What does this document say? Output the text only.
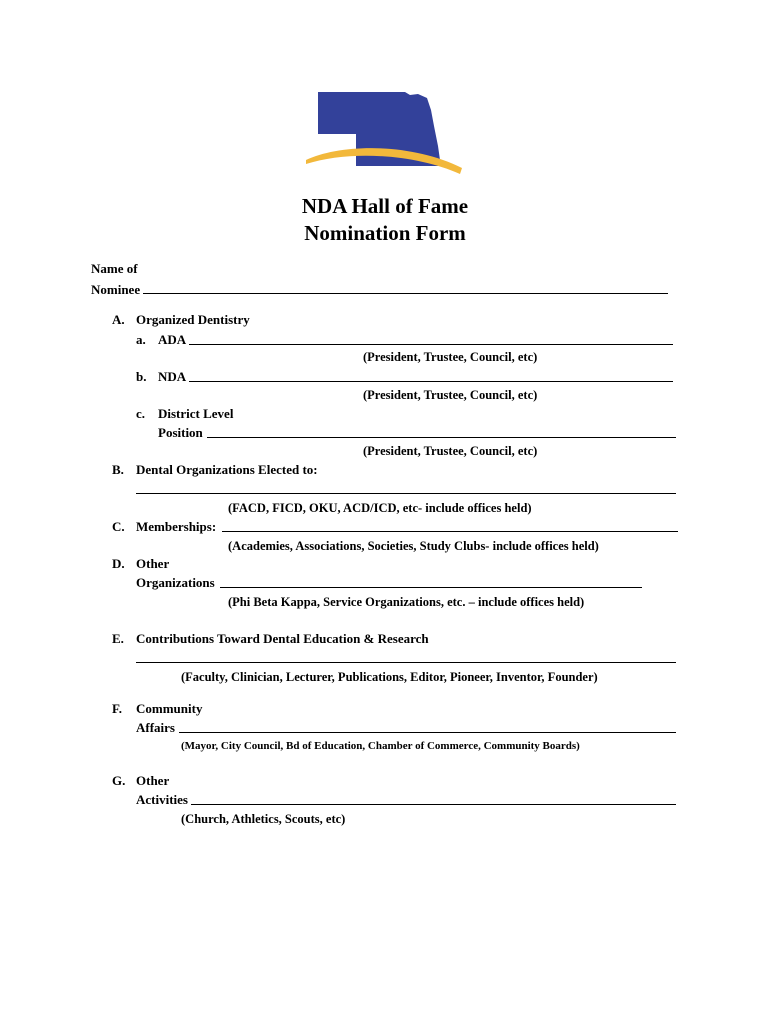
NDA Hall of Fame
Nomination Form
Name of
Nominee
A. Organized Dentistry
a. ADA
(President, Trustee, Council, etc)
b. NDA
(President, Trustee, Council, etc)
c. District Level
Position
(President, Trustee, Council, etc)
B. Dental Organizations Elected to:
(FACD, FICD, OKU, ACD/ICD, etc- include offices held)
C. Memberships:
(Academies, Associations, Societies, Study Clubs- include offices held)
D. Other
Organizations
(Phi Beta Kappa, Service Organizations, etc. – include offices held)
E. Contributions Toward Dental Education & Research
(Faculty, Clinician, Lecturer, Publications, Editor, Pioneer, Inventor, Founder)
F. Community
Affairs
(Mayor, City Council, Bd of Education, Chamber of Commerce, Community Boards)
G. Other
Activities
(Church, Athletics, Scouts, etc)
